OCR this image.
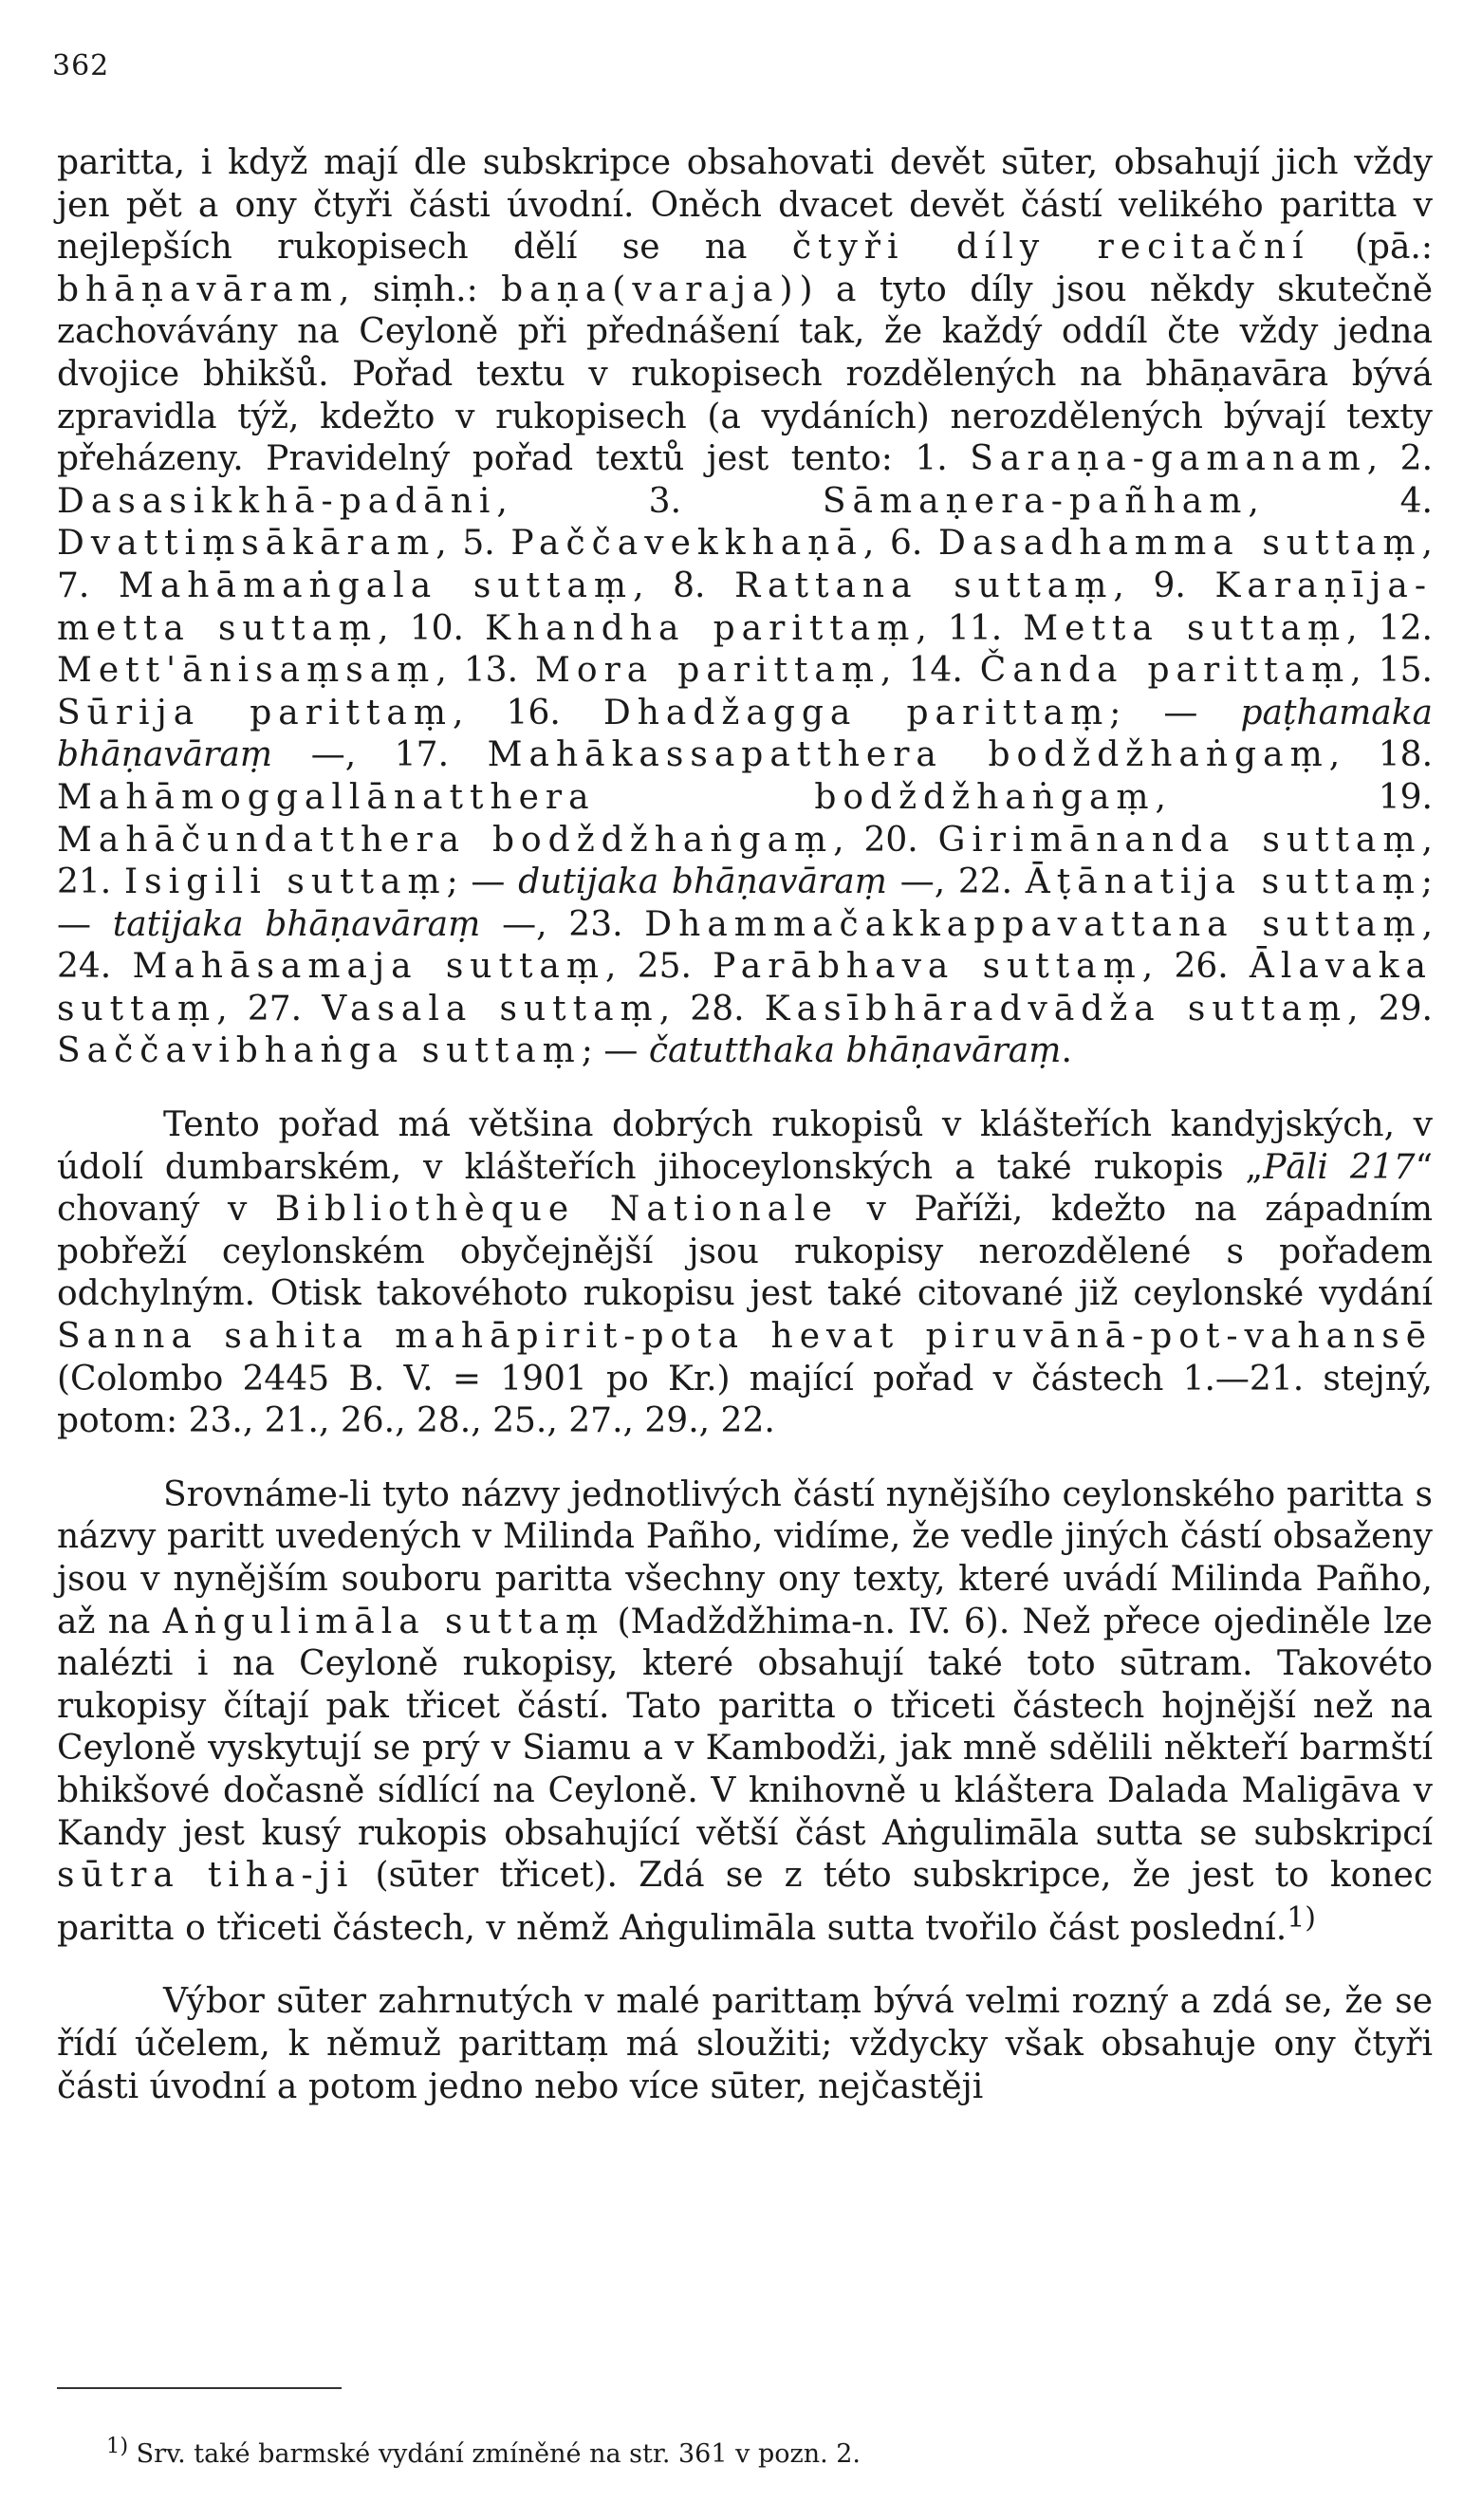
362

paritta, i když mají dle subskripce obsahovati devět sūter, obsahují jich vždy jen pět a ony čtyři části úvodní. Oněch dvacet devět částí velikého paritta v nejlepších rukopisech dělí se na čtyři díly recitační (pā.: bhāṇavāram, siṃh.: baṇa(varaja)) a tyto díly jsou někdy skutečně zachovávány na Ceyloně při přednášení tak, že každý oddíl čte vždy jedna dvojice bhikšů. Pořad textu v rukopisech rozdělených na bhāṇavāra bývá zpravidla týž, kdežto v rukopisech (a vydáních) nerozdělených bývají texty přeházeny. Pravidelný pořad textů jest tento: 1. Saraṇa-gamanam, 2. Dasasikkhā-padāni, 3. Sāmaṇera-pañham, 4. Dvattiṃsākāram, 5. Paččavekkhaṇā, 6. Dasadhamma suttaṃ, 7. Mahāmaṅgala suttaṃ, 8. Rattana suttaṃ, 9. Karaṇīja-metta suttaṃ, 10. Khandha parittaṃ, 11. Metta suttaṃ, 12. Mett'ānisaṃsaṃ, 13. Mora parittaṃ, 14. Čanda parittaṃ, 15. Sūrija parittaṃ, 16. Dhadžagga parittaṃ; — paṭhamaka bhāṇavāraṃ —, 17. Mahākassapatthera bodždžhaṅgaṃ, 18. Mahāmoggallānatthera bodždžhaṅgaṃ, 19. Mahāčundatthera bodždžhaṅgaṃ, 20. Girimānanda suttaṃ, 21. Isigili suttaṃ; — dutijaka bhāṇavāraṃ —, 22. Āṭānatija suttaṃ; — tatijaka bhāṇavāraṃ —, 23. Dhammačakkappavattana suttaṃ, 24. Mahāsamaja suttaṃ, 25. Parābhava suttaṃ, 26. Ālavaka suttaṃ, 27. Vasala suttaṃ, 28. Kasībhāradvādža suttaṃ, 29. Saččavibhaṅga suttaṃ; — čatutthaka bhāṇavāraṃ.

Tento pořad má většina dobrých rukopisů v klášteřích kandyjských, v údolí dumbarském, v klášteřích jihoceylonských a také rukopis „Pāli 217“ chovaný v Bibliothèque Nationale v Paříži, kdežto na západním pobřeží ceylonském obyčejnější jsou rukopisy nerozdělené s pořadem odchylným. Otisk takovéhoto rukopisu jest také citované již ceylonské vydání Sanna sahita mahāpirit-pota hevat piruvānā-pot-vahansē (Colombo 2445 B. V. = 1901 po Kr.) mající pořad v částech 1.—21. stejný, potom: 23., 21., 26., 28., 25., 27., 29., 22.

Srovnáme-li tyto názvy jednotlivých částí nynějšího ceylonského paritta s názvy paritt uvedených v Milinda Pañho, vidíme, že vedle jiných částí obsaženy jsou v nynějším souboru paritta všechny ony texty, které uvádí Milinda Pañho, až na Aṅgulimāla suttaṃ (Madždžhima-n. IV. 6). Než přece ojediněle lze nalézti i na Ceyloně rukopisy, které obsahují také toto sūtram. Takovéto rukopisy čítají pak třicet částí. Tato paritta o třiceti částech hojnější než na Ceyloně vyskytují se prý v Siamu a v Kambodži, jak mně sdělili někteří barmští bhikšové dočasně sídlící na Ceyloně. V knihovně u kláštera Dalada Maligāva v Kandy jest kusý rukopis obsahující větší část Aṅgulimāla sutta se subskripcí sūtra tiha-ji (sūter třicet). Zdá se z této subskripce, že jest to konec paritta o třiceti částech, v němž Aṅgulimāla sutta tvořilo část poslední.$^{1)}$

Výbor sūter zahrnutých v malé parittaṃ bývá velmi rozný a zdá se, že se řídí účelem, k němuž parittaṃ má sloužiti; vždycky však obsahuje ony čtyři části úvodní a potom jedno nebo více sūter, nejčastěji

$^{1)}$ Srv. také barmské vydání zmíněné na str. 361 v pozn. 2.
